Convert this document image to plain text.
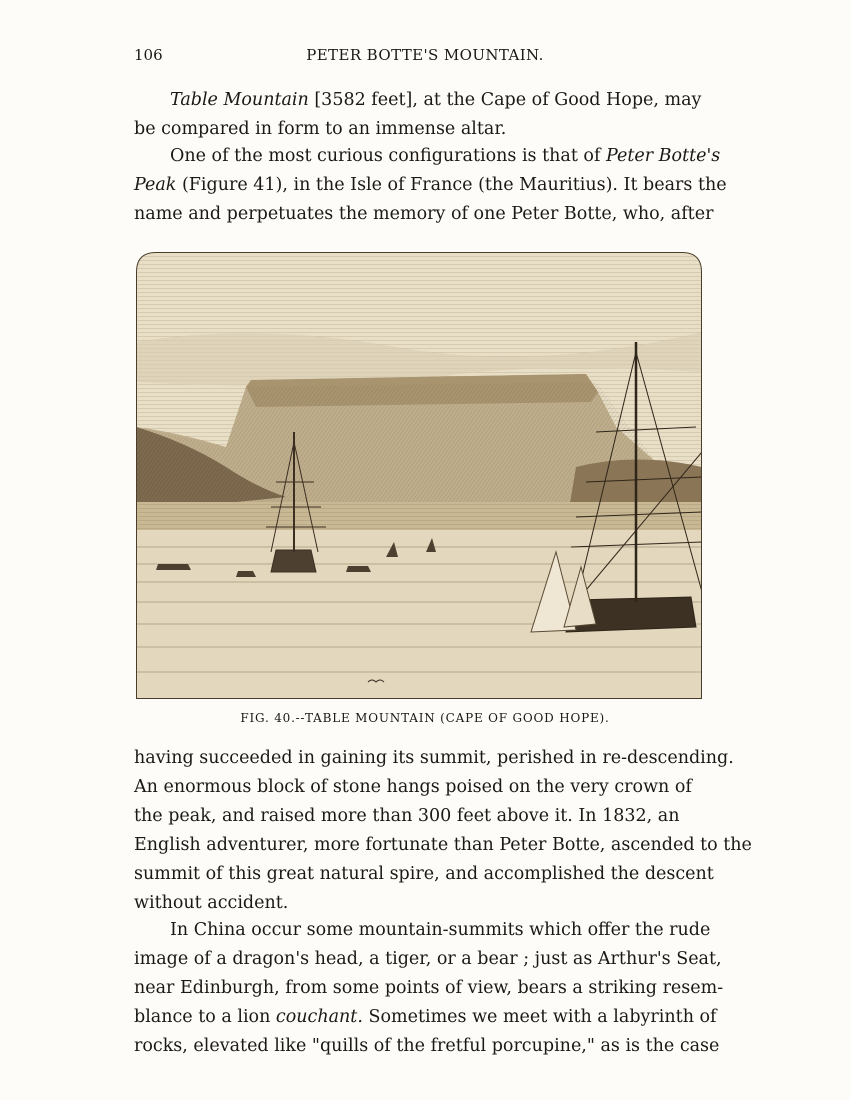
106	PETER BOTTE'S MOUNTAIN.

Table Mountain [3582 feet], at the Cape of Good Hope, may
be compared in form to an immense altar.

One of the most curious configurations is that of Peter Botte's
Peak (Figure 41), in the Isle of France (the Mauritius). It bears the
name and perpetuates the memory of one Peter Botte, who, after

FIG. 40.--TABLE MOUNTAIN (CAPE OF GOOD HOPE).

having succeeded in gaining its summit, perished in re-descending.
An enormous block of stone hangs poised on the very crown of
the peak, and raised more than 300 feet above it. In 1832, an
English adventurer, more fortunate than Peter Botte, ascended to the
summit of this great natural spire, and accomplished the descent
without accident.

In China occur some mountain-summits which offer the rude
image of a dragon's head, a tiger, or a bear ; just as Arthur's Seat,
near Edinburgh, from some points of view, bears a striking resem-
blance to a lion couchant. Sometimes we meet with a labyrinth of
rocks, elevated like "quills of the fretful porcupine," as is the case
